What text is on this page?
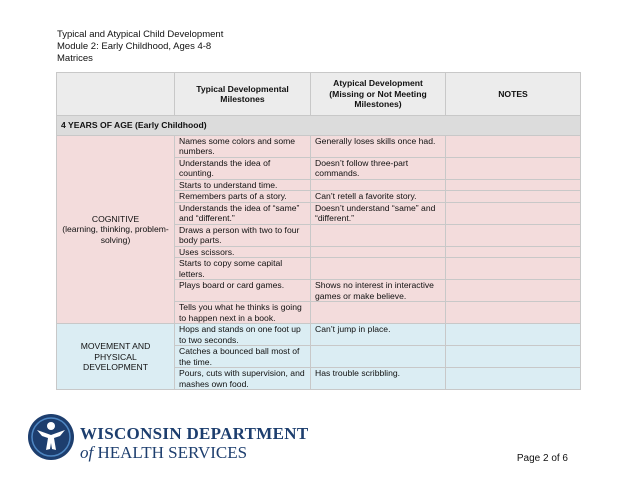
Typical and Atypical Child Development
Module 2: Early Childhood, Ages 4-8
Matrices
	Typical Developmental Milestones	Atypical Development (Missing or Not Meeting Milestones)	NOTES
4 YEARS OF AGE (Early Childhood)			

COGNITIVE
(learning, thinking, problem-solving)	Names some colors and some numbers.	Generally loses skills once had.	
	Understands the idea of counting.	Doesn’t follow three-part commands.	
	Starts to understand time.		
	Remembers parts of a story.	Can’t retell a favorite story.	
	Understands the idea of “same” and “different.”	Doesn’t understand “same” and “different.”	
	Draws a person with two to four body parts.		
	Uses scissors.		
	Starts to copy some capital letters.		
	Plays board or card games.	Shows no interest in interactive games or make believe.	
	Tells you what he thinks is going to happen next in a book.		
MOVEMENT AND PHYSICAL DEVELOPMENT	Hops and stands on one foot up to two seconds.	Can’t jump in place.	
	Catches a bounced ball most of the time.		
	Pours, cuts with supervision, and mashes own food.	Has trouble scribbling.	
WISCONSIN DEPARTMENT
of HEALTH SERVICES	Page 2 of 6
